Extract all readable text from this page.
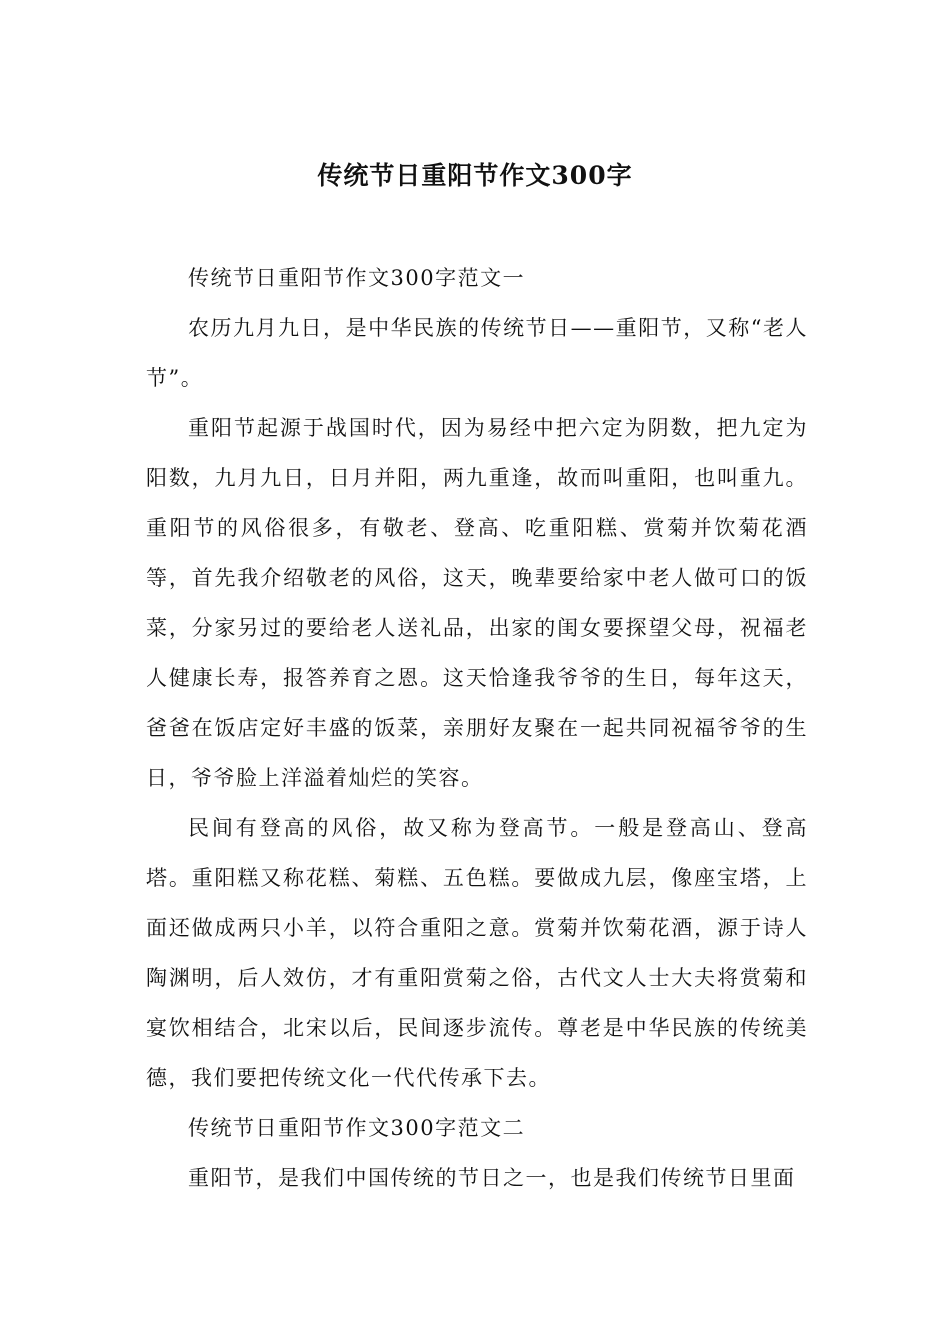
传统节日重阳节作文300字

传统节日重阳节作文300字范文一

农历九月九日，是中华民族的传统节日——重阳节，又称“老人节”。

重阳节起源于战国时代，因为易经中把六定为阴数，把九定为阳数，九月九日，日月并阳，两九重逢，故而叫重阳，也叫重九。重阳节的风俗很多，有敬老、登高、吃重阳糕、赏菊并饮菊花酒等，首先我介绍敬老的风俗，这天，晚辈要给家中老人做可口的饭菜，分家另过的要给老人送礼品，出家的闺女要探望父母，祝福老人健康长寿，报答养育之恩。这天恰逢我爷爷的生日，每年这天，爸爸在饭店定好丰盛的饭菜，亲朋好友聚在一起共同祝福爷爷的生日，爷爷脸上洋溢着灿烂的笑容。

民间有登高的风俗，故又称为登高节。一般是登高山、登高塔。重阳糕又称花糕、菊糕、五色糕。要做成九层，像座宝塔，上面还做成两只小羊，以符合重阳之意。赏菊并饮菊花酒，源于诗人陶渊明，后人效仿，才有重阳赏菊之俗，古代文人士大夫将赏菊和宴饮相结合，北宋以后，民间逐步流传。尊老是中华民族的传统美德，我们要把传统文化一代代传承下去。

传统节日重阳节作文300字范文二

重阳节，是我们中国传统的节日之一，也是我们传统节日里面
